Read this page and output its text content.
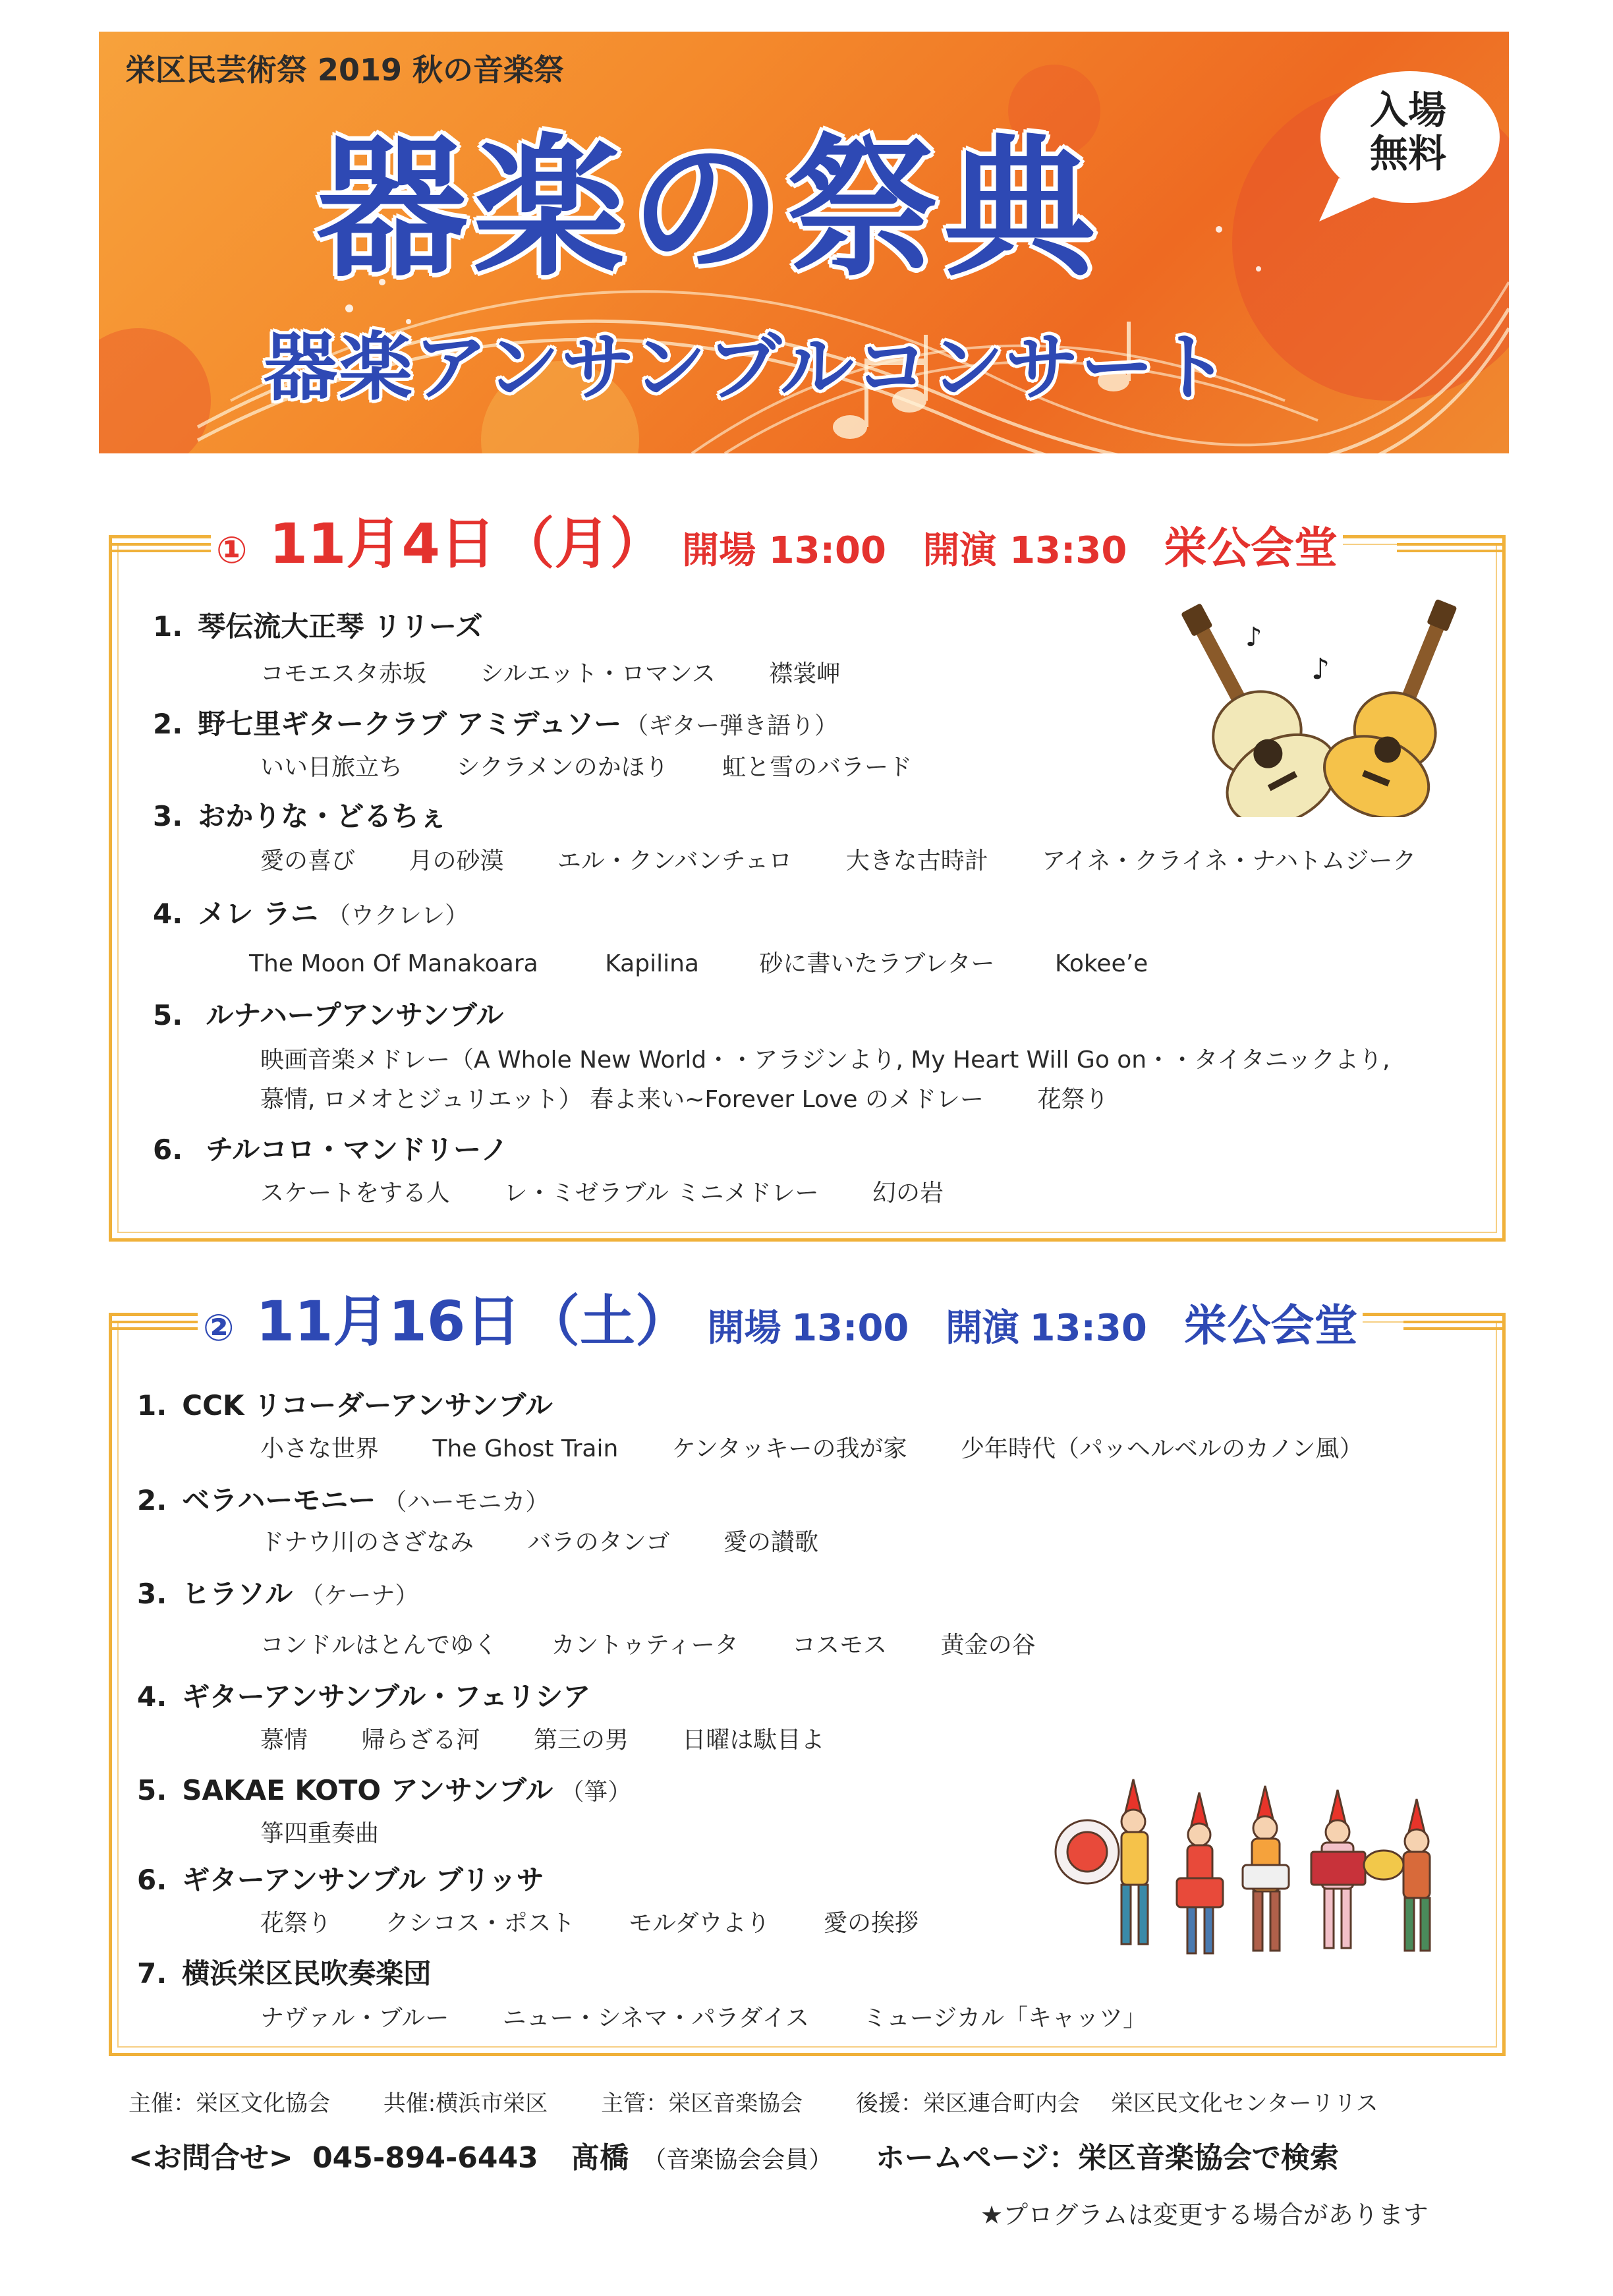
栄区民芸術祭 2019 秋の音楽祭
器楽の祭典
器楽アンサンブルコンサート
入場
無料
① 11月4日 （月） 開場 13:00 開演 13:30 栄公会堂
1. 琴伝流大正琴 リリーズ
コモエスタ赤坂 シルエット・ロマンス 襟裳岬
2. 野七里ギタークラブ アミデュソー （ギター弾き語り）
いい日旅立ち シクラメンのかほり 虹と雪のバラード
3. おかりな・どるちぇ
愛の喜び 月の砂漠 エル・クンバンチェロ 大きな古時計 アイネ・クライネ・ナハトムジーク
4. メレ ラニ （ウクレレ）
The Moon Of Manakoara	Kapilina	砂に書いたラブレター	Kokee’e
5. ルナハープアンサンブル
映画音楽メドレー（A Whole New World・・アラジンより, My Heart Will Go on・・タイタニックより,
慕情, ロメオとジュリエット） 春よ来い~Forever Love のメドレー 花祭り
6. チルコロ・マンドリーノ
スケートをする人 レ・ミゼラブル ミニメドレー 幻の岩
♪
♪
② 11月16日 （土） 開場 13:00 開演 13:30 栄公会堂
1. CCK リコーダーアンサンブル
小さな世界 The Ghost Train ケンタッキーの我が家 少年時代（パッヘルベルのカノン風）
2. ベラハーモニー （ハーモニカ）
ドナウ川のさざなみ バラのタンゴ 愛の讃歌
3. ヒラソル （ケーナ）
コンドルはとんでゆく カントゥティータ コスモス 黄金の谷
4. ギターアンサンブル・フェリシア
慕情 帰らざる河 第三の男 日曜は駄目よ
5. SAKAE KOTO アンサンブル （箏）
箏四重奏曲
6. ギターアンサンブル ブリッサ
花祭り クシコス・ポスト モルダウより 愛の挨拶
7. 横浜栄区民吹奏楽団
ナヴァル・ブルー ニュー・シネマ・パラダイス ミュージカル「キャッツ」
主催：栄区文化協会 共催:横浜市栄区 主管：栄区音楽協会 後援：栄区連合町内会 栄区民文化センターリリス
<お問合せ> 045-894-6443 髙橋 （音楽協会会員） ホームページ：栄区音楽協会で検索
★プログラムは変更する場合があります
